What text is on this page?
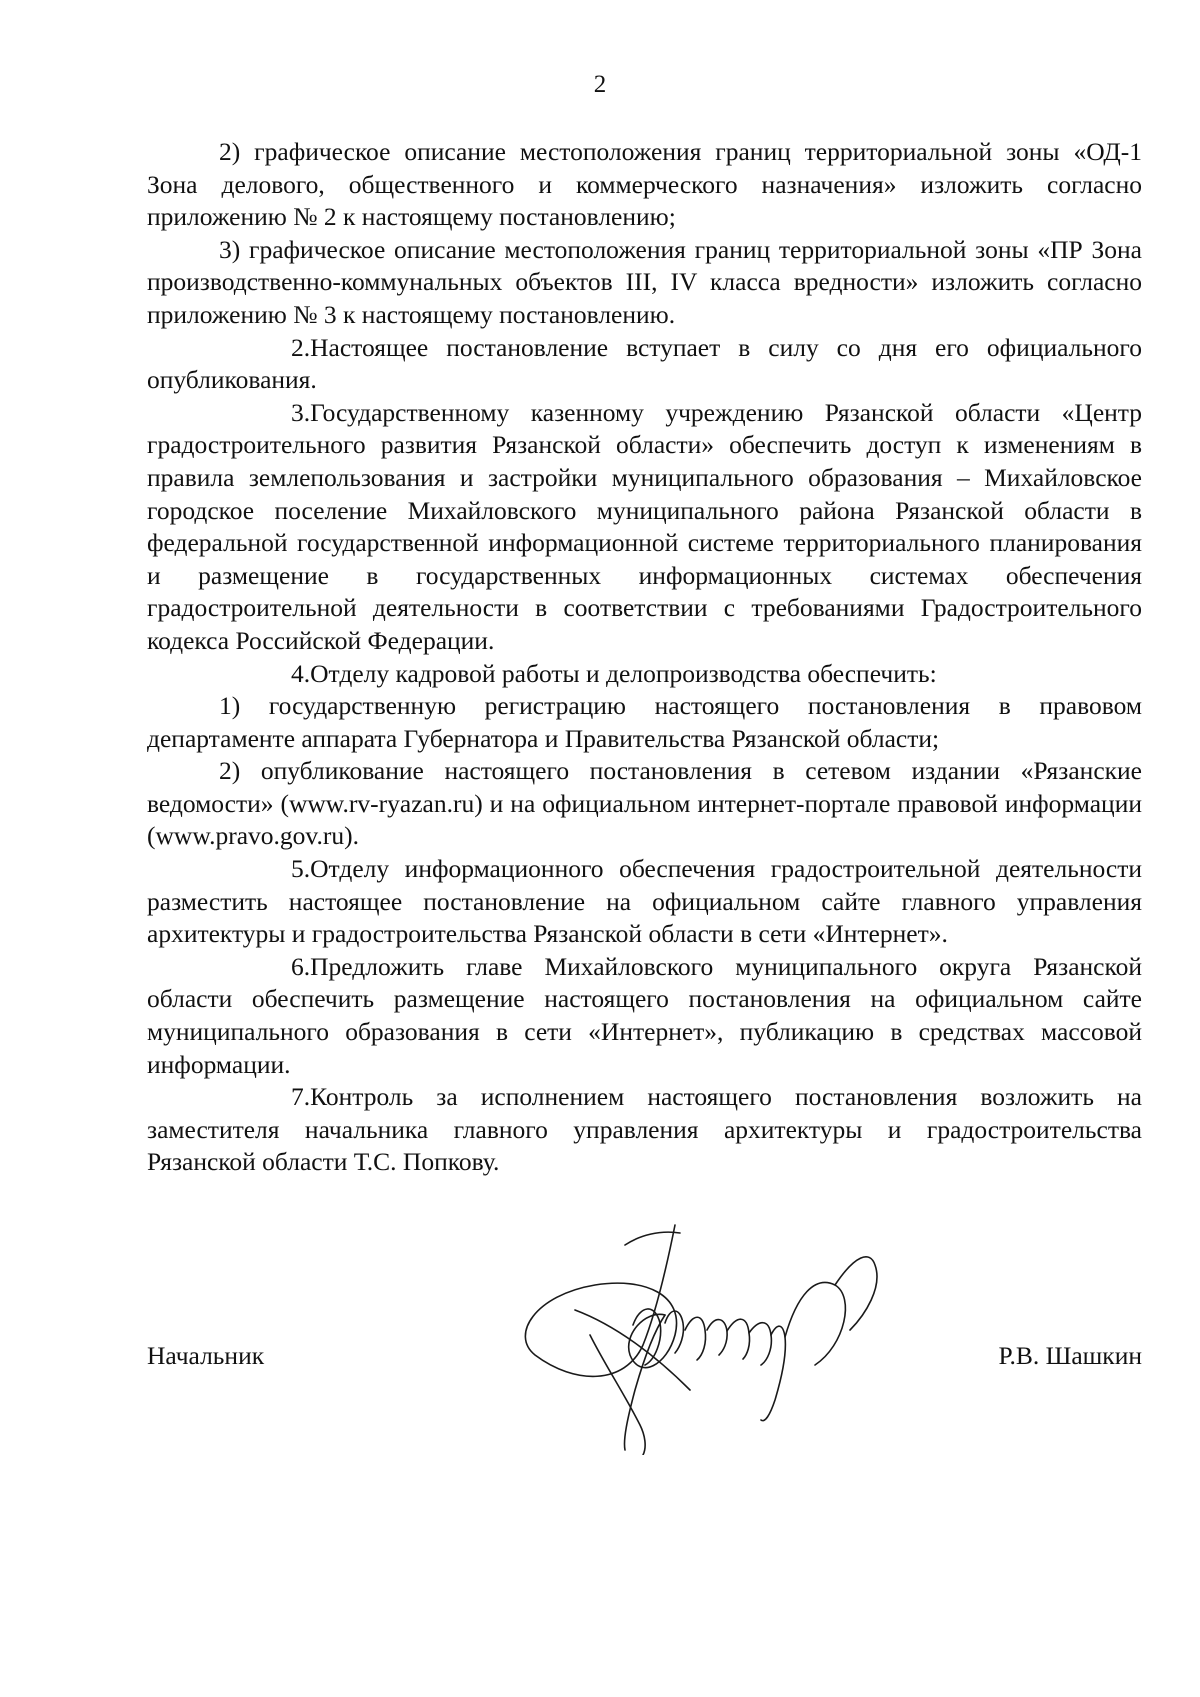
2

2) графическое описание местоположения границ территориальной зоны «ОД-1 Зона делового, общественного и коммерческого назначения» изложить согласно приложению № 2 к настоящему постановлению;

3) графическое описание местоположения границ территориальной зоны «ПР Зона производственно-коммунальных объектов III, IV класса вредности» изложить согласно приложению № 3 к настоящему постановлению.

2.Настоящее постановление вступает в силу со дня его официального опубликования.

3.Государственному казенному учреждению Рязанской области «Центр градостроительного развития Рязанской области» обеспечить доступ к изменениям в правила землепользования и застройки муниципального образования – Михайловское городское поселение Михайловского муниципального района Рязанской области в федеральной государственной информационной системе территориального планирования и размещение в государственных информационных системах обеспечения градостроительной деятельности в соответствии с требованиями Градостроительного кодекса Российской Федерации.

4.Отделу кадровой работы и делопроизводства обеспечить:

1) государственную регистрацию настоящего постановления в правовом департаменте аппарата Губернатора и Правительства Рязанской области;

2) опубликование настоящего постановления в сетевом издании «Рязанские ведомости» (www.rv-ryazan.ru) и на официальном интернет-портале правовой информации (www.pravo.gov.ru).

5.Отделу информационного обеспечения градостроительной деятельности разместить настоящее постановление на официальном сайте главного управления архитектуры и градостроительства Рязанской области в сети «Интернет».

6.Предложить главе Михайловского муниципального округа Рязанской области обеспечить размещение настоящего постановления на официальном сайте муниципального образования в сети «Интернет», публикацию в средствах массовой информации.

7.Контроль за исполнением настоящего постановления возложить на заместителя начальника главного управления архитектуры и градостроительства Рязанской области Т.С. Попкову.

Начальник	Р.В. Шашкин
